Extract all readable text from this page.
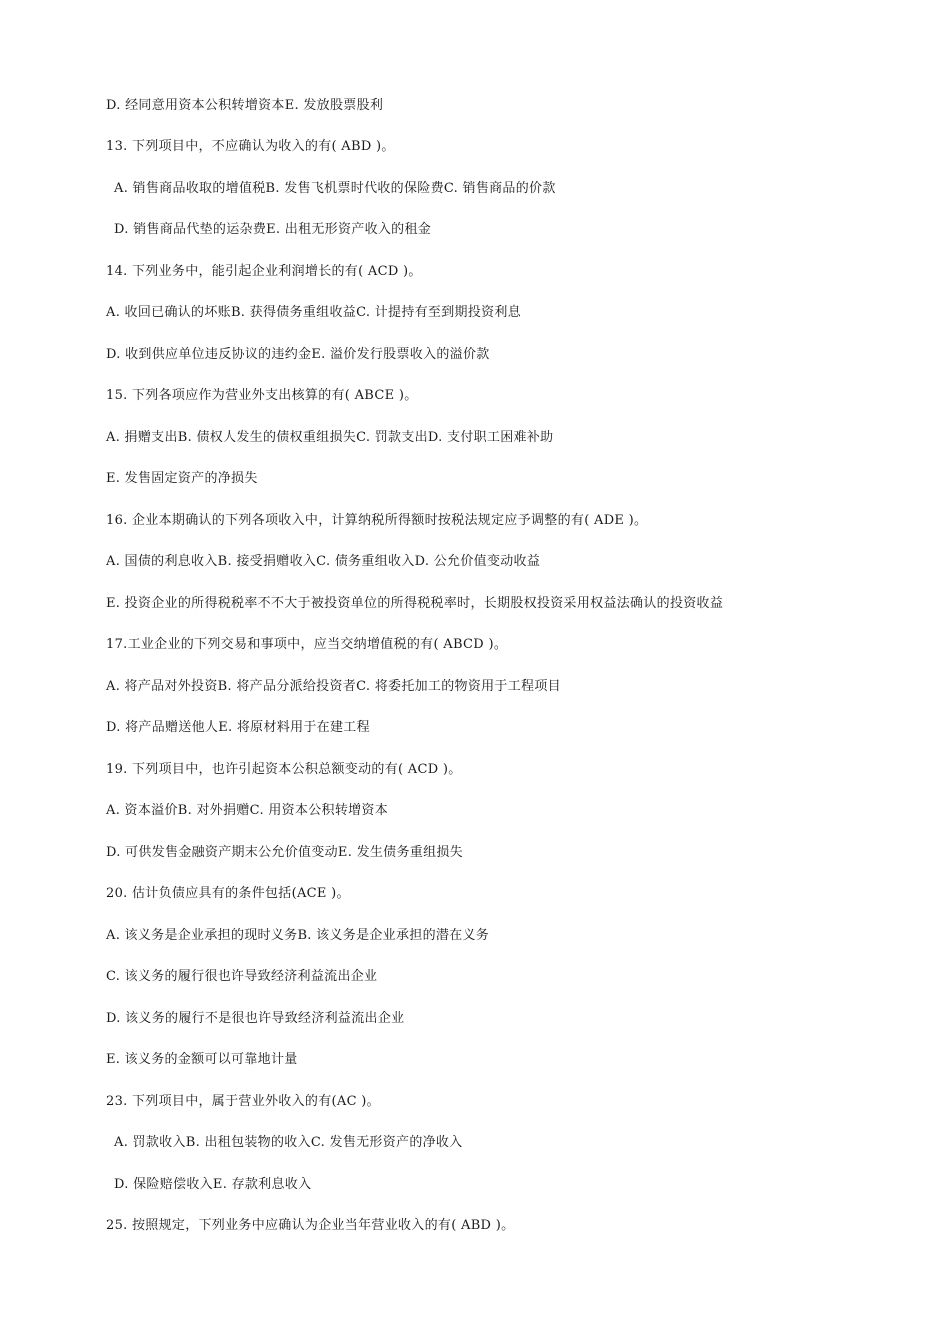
D. 经同意用资本公积转增资本E. 发放股票股利
13. 下列项目中，不应确认为收入的有( ABD )。
A. 销售商品收取的增值税B. 发售飞机票时代收的保险费C. 销售商品的价款
D. 销售商品代垫的运杂费E. 出租无形资产收入的租金
14. 下列业务中，能引起企业利润增长的有( ACD )。
A. 收回已确认的坏账B. 获得债务重组收益C. 计提持有至到期投资利息
D. 收到供应单位违反协议的违约金E. 溢价发行股票收入的溢价款
15. 下列各项应作为营业外支出核算的有( ABCE )。
A. 捐赠支出B. 债权人发生的债权重组损失C. 罚款支出D. 支付职工困难补助
E. 发售固定资产的净损失
16. 企业本期确认的下列各项收入中，计算纳税所得额时按税法规定应予调整的有( ADE )。
A. 国债的利息收入B. 接受捐赠收入C. 债务重组收入D. 公允价值变动收益
E. 投资企业的所得税税率不不大于被投资单位的所得税税率时，长期股权投资采用权益法确认的投资收益
17.工业企业的下列交易和事项中，应当交纳增值税的有( ABCD )。
A. 将产品对外投资B. 将产品分派给投资者C. 将委托加工的物资用于工程项目
D. 将产品赠送他人E. 将原材料用于在建工程
19. 下列项目中，也许引起资本公积总额变动的有( ACD )。
A. 资本溢价B. 对外捐赠C. 用资本公积转增资本
D. 可供发售金融资产期末公允价值变动E. 发生债务重组损失
20. 估计负债应具有的条件包括(ACE )。
A. 该义务是企业承担的现时义务B. 该义务是企业承担的潜在义务
C. 该义务的履行很也许导致经济利益流出企业
D. 该义务的履行不是很也许导致经济利益流出企业
E. 该义务的金额可以可靠地计量
23. 下列项目中，属于营业外收入的有(AC )。
A. 罚款收入B. 出租包装物的收入C. 发售无形资产的净收入
D. 保险赔偿收入E. 存款利息收入
25. 按照规定，下列业务中应确认为企业当年营业收入的有( ABD )。
